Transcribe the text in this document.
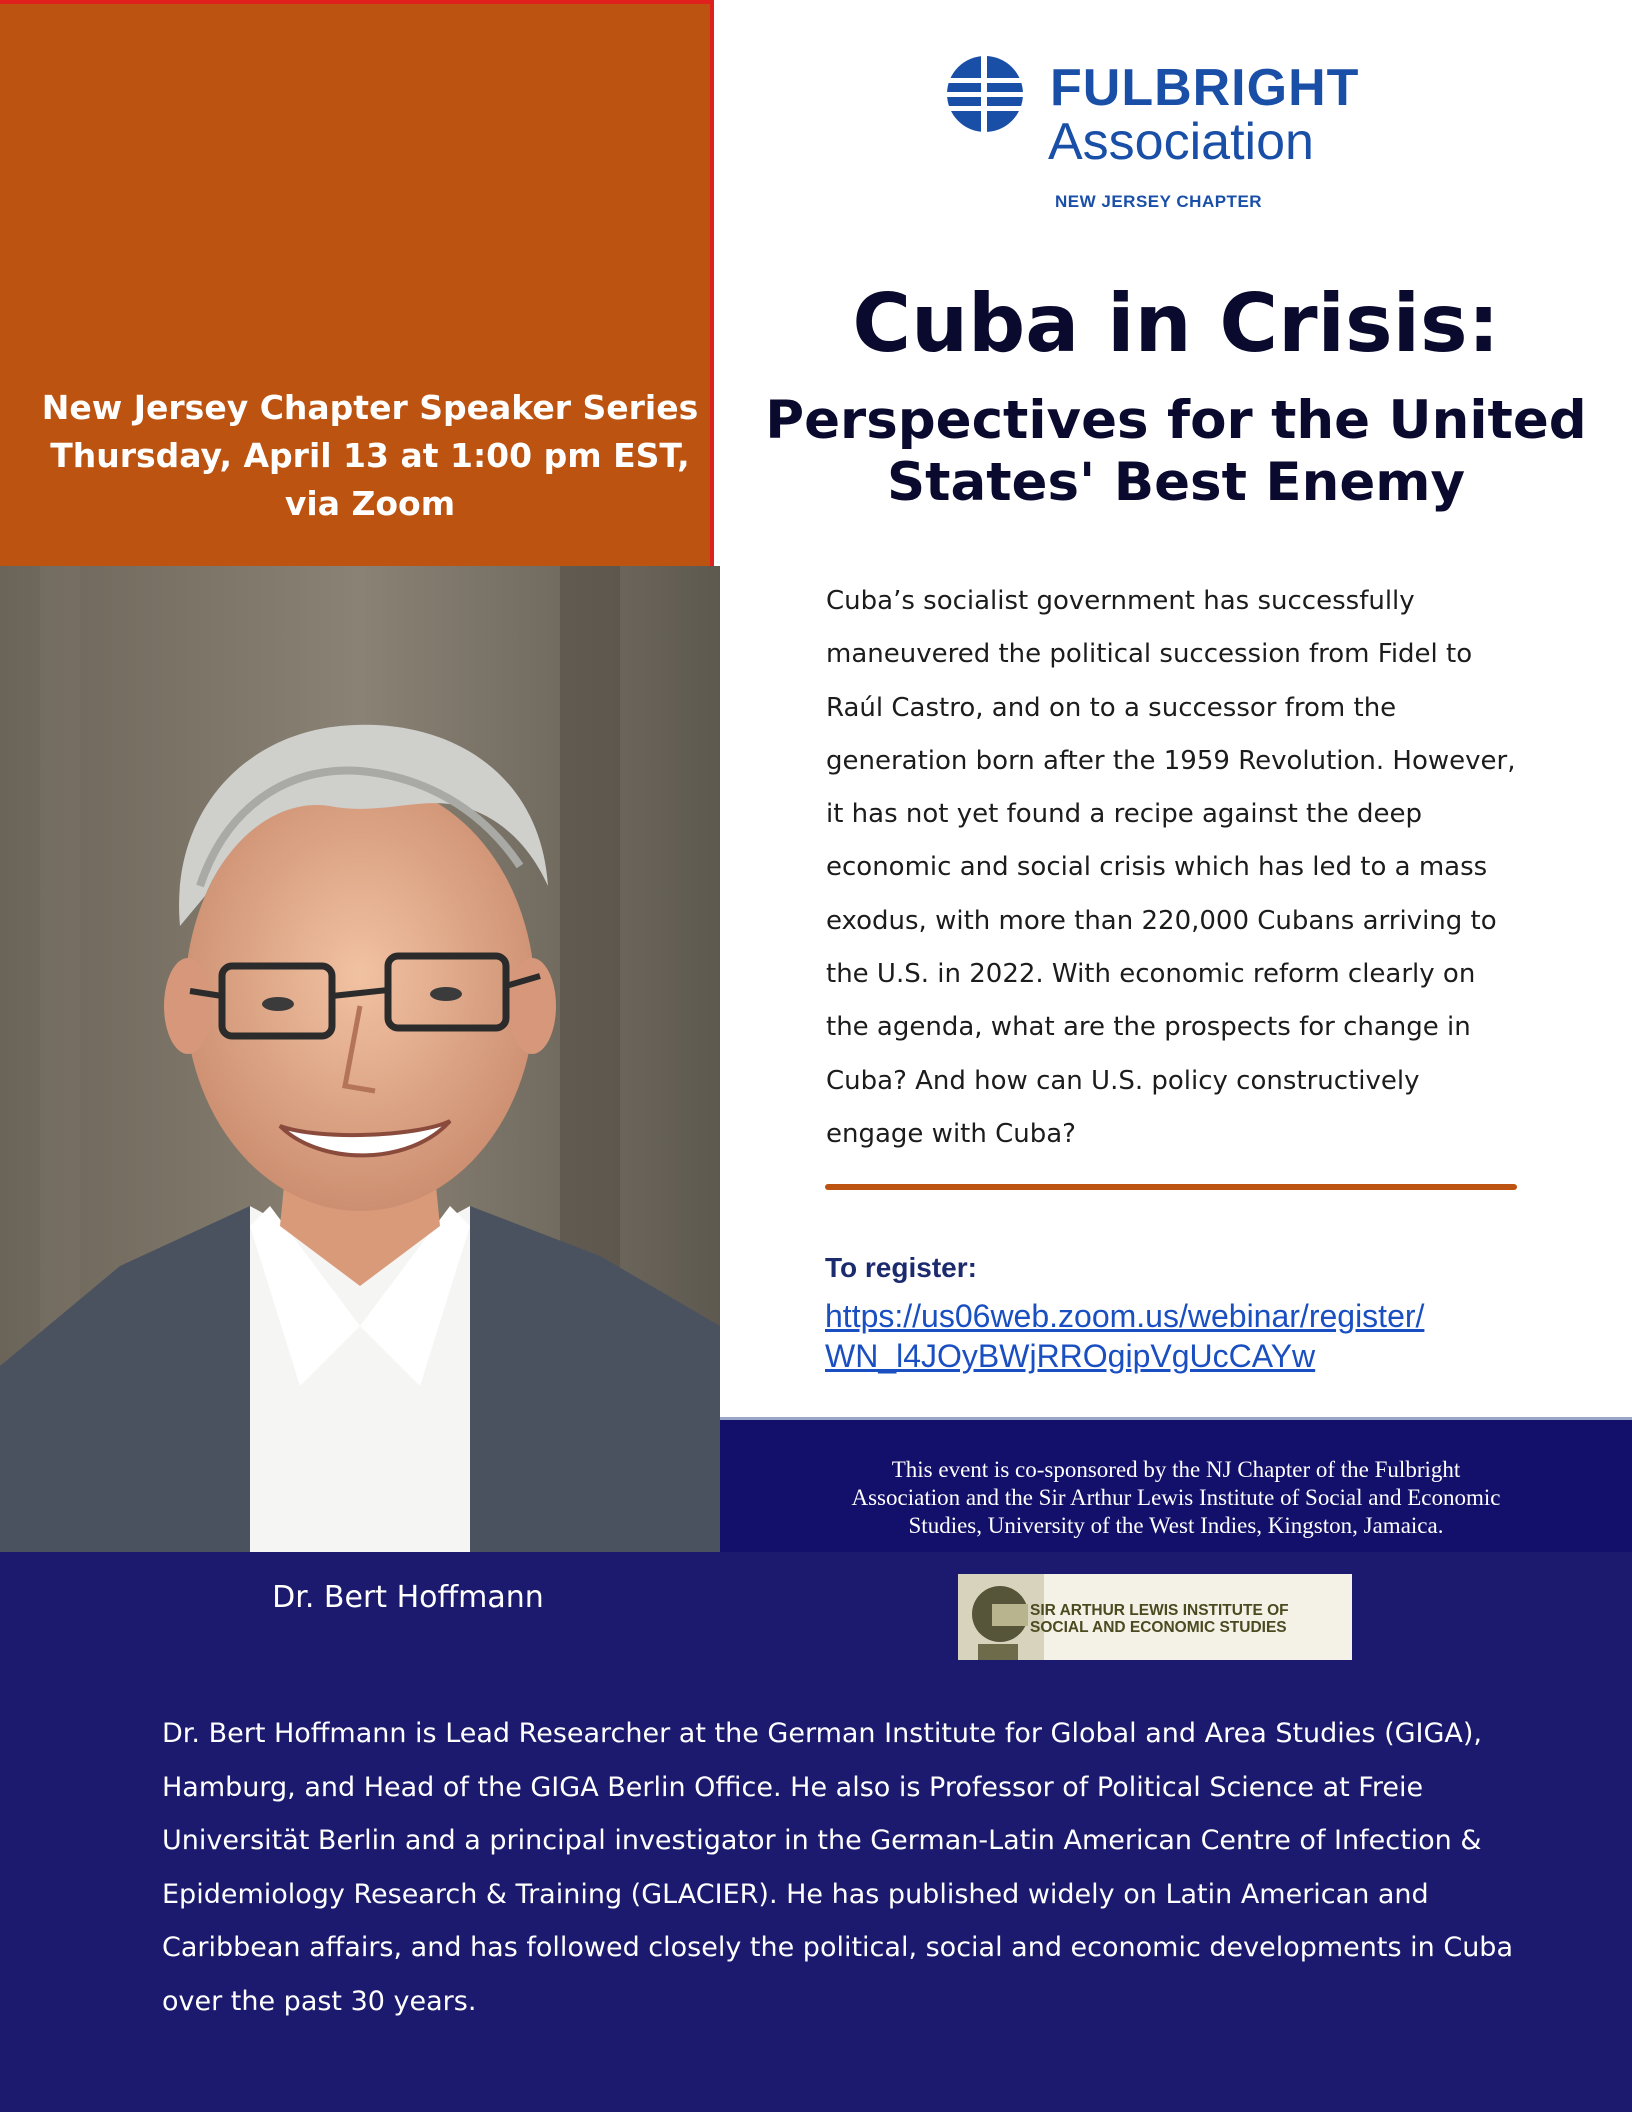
New Jersey Chapter Speaker Series
Thursday, April 13 at 1:00 pm EST,
via Zoom
FULBRIGHT
Association
NEW JERSEY CHAPTER
Cuba in Crisis:
Perspectives for the United
States' Best Enemy
Cuba’s socialist government has successfully
maneuvered the political succession from Fidel to
Raúl Castro, and on to a successor from the
generation born after the 1959 Revolution. However,
it has not yet found a recipe against the deep
economic and social crisis which has led to a mass
exodus, with more than 220,000 Cubans arriving to
the U.S. in 2022. With economic reform clearly on
the agenda, what are the prospects for change in
Cuba? And how can U.S. policy constructively
engage with Cuba?
To register:
https://us06web.zoom.us/webinar/register/
WN_l4JOyBWjRROgipVgUcCAYw
This event is co-sponsored by the NJ Chapter of the Fulbright
Association and the Sir Arthur Lewis Institute of Social and Economic
Studies, University of the West Indies, Kingston, Jamaica.
Dr. Bert Hoffmann	SIR ARTHUR LEWIS INSTITUTE OF
SOCIAL AND ECONOMIC STUDIES
Dr. Bert Hoffmann is Lead Researcher at the German Institute for Global and Area Studies (GIGA),
Hamburg, and Head of the GIGA Berlin Office. He also is Professor of Political Science at Freie
Universität Berlin and a principal investigator in the German-Latin American Centre of Infection &
Epidemiology Research & Training (GLACIER). He has published widely on Latin American and
Caribbean affairs, and has followed closely the political, social and economic developments in Cuba
over the past 30 years.
